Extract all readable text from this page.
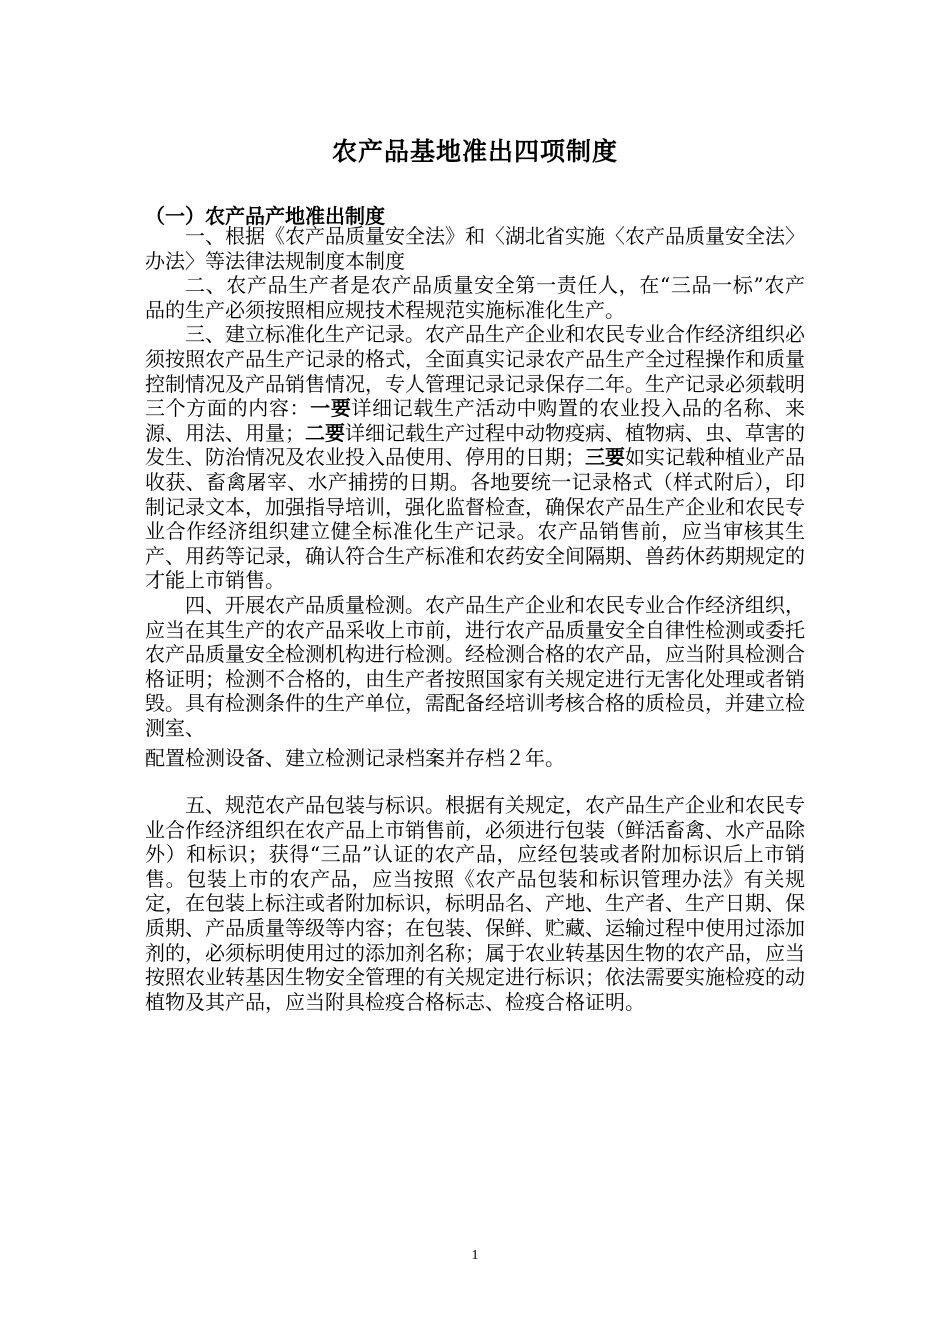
农产品基地准出四项制度
（一）农产品产地准出制度

一、根据《农产品质量安全法》和〈湖北省实施〈农产品质量安全法〉办法〉等法律法规制度本制度

二、农产品生产者是农产品质量安全第一责任人，在“三品一标”农产品的生产必须按照相应规技术程规范实施标准化生产。

三、建立标准化生产记录。农产品生产企业和农民专业合作经济组织必须按照农产品生产记录的格式，全面真实记录农产品生产全过程操作和质量控制情况及产品销售情况，专人管理记录记录保存二年。生产记录必须载明三个方面的内容：一要详细记载生产活动中购置的农业投入品的名称、来源、用法、用量；二要详细记载生产过程中动物疫病、植物病、虫、草害的发生、防治情况及农业投入品使用、停用的日期；三要如实记载种植业产品收获、畜禽屠宰、水产捕捞的日期。各地要统一记录格式（样式附后），印制记录文本，加强指导培训，强化监督检查，确保农产品生产企业和农民专业合作经济组织建立健全标准化生产记录。农产品销售前，应当审核其生产、用药等记录，确认符合生产标准和农药安全间隔期、兽药休药期规定的才能上市销售。

四、开展农产品质量检测。农产品生产企业和农民专业合作经济组织，应当在其生产的农产品采收上市前，进行农产品质量安全自律性检测或委托农产品质量安全检测机构进行检测。经检测合格的农产品，应当附具检测合格证明；检测不合格的，由生产者按照国家有关规定进行无害化处理或者销毁。具有检测条件的生产单位，需配备经培训考核合格的质检员，并建立检测室、

配置检测设备、建立检测记录档案并存档２年。

五、规范农产品包装与标识。根据有关规定，农产品生产企业和农民专业合作经济组织在农产品上市销售前，必须进行包装（鲜活畜禽、水产品除外）和标识；获得“三品”认证的农产品，应经包装或者附加标识后上市销售。包装上市的农产品，应当按照《农产品包装和标识管理办法》有关规定，在包装上标注或者附加标识，标明品名、产地、生产者、生产日期、保质期、产品质量等级等内容；在包装、保鲜、贮藏、运输过程中使用过添加剂的，必须标明使用过的添加剂名称；属于农业转基因生物的农产品，应当按照农业转基因生物安全管理的有关规定进行标识；依法需要实施检疫的动植物及其产品，应当附具检疫合格标志、检疫合格证明。

1
